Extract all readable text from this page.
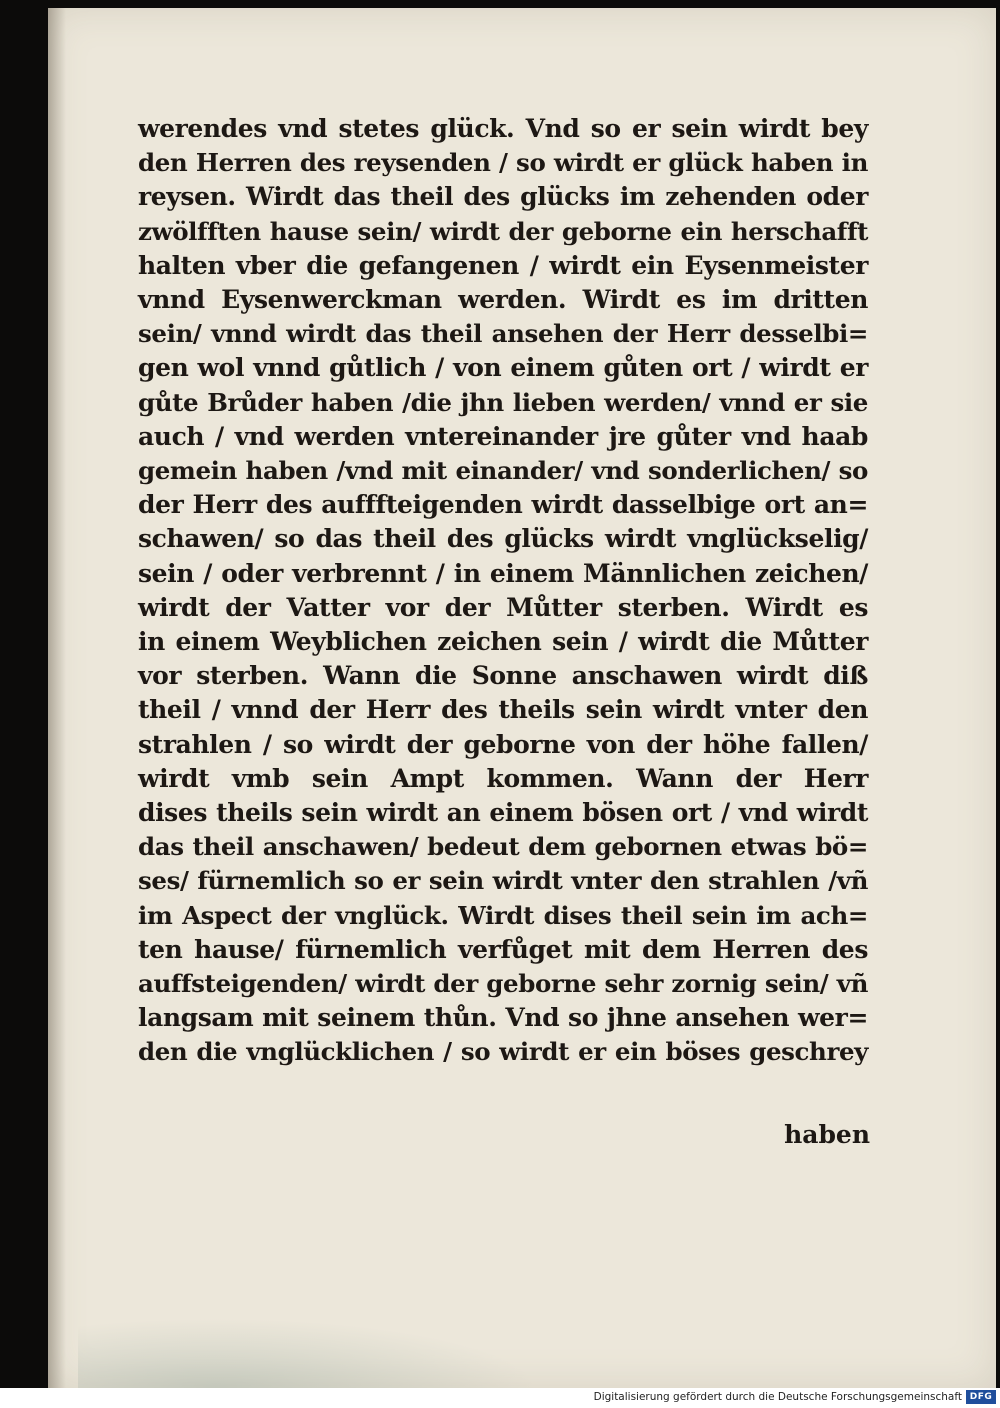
werendes vnd stetes glück. Vnd so er sein wirdt bey
den Herren des reysenden / so wirdt er glück haben in
reysen. Wirdt das theil des glücks im zehenden oder
zwölfften hause sein/ wirdt der geborne ein herschafft
halten vber die gefangenen / wirdt ein Eysenmeister
vnnd Eysenwerckman werden. Wirdt es im dritten
sein/ vnnd wirdt das theil ansehen der Herr desselbi=
gen wol vnnd gůtlich / von einem gůten ort / wirdt er
gůte Brůder haben /die jhn lieben werden/ vnnd er sie
auch / vnd werden vntereinander jre gůter vnd haab
gemein haben /vnd mit einander/ vnd sonderlichen/ so
der Herr des aufffteigenden wirdt dasselbige ort an=
schawen/ so das theil des glücks wirdt vnglückselig/
sein / oder verbrennt / in einem Männlichen zeichen/
wirdt der Vatter vor der Můtter sterben. Wirdt es
in einem Weyblichen zeichen sein / wirdt die Můtter
vor sterben. Wann die Sonne anschawen wirdt diß
theil / vnnd der Herr des theils sein wirdt vnter den
strahlen / so wirdt der geborne von der höhe fallen/
wirdt vmb sein Ampt kommen. Wann der Herr
dises theils sein wirdt an einem bösen ort / vnd wirdt
das theil anschawen/ bedeut dem gebornen etwas bö=
ses/ fürnemlich so er sein wirdt vnter den strahlen /vñ
im Aspect der vnglück. Wirdt dises theil sein im ach=
ten hause/ fürnemlich verfůget mit dem Herren des
auffsteigenden/ wirdt der geborne sehr zornig sein/ vñ
langsam mit seinem thůn. Vnd so jhne ansehen wer=
den die vnglücklichen / so wirdt er ein böses geschrey
haben
Digitalisierung gefördert durch die Deutsche Forschungsgemeinschaft DFG
